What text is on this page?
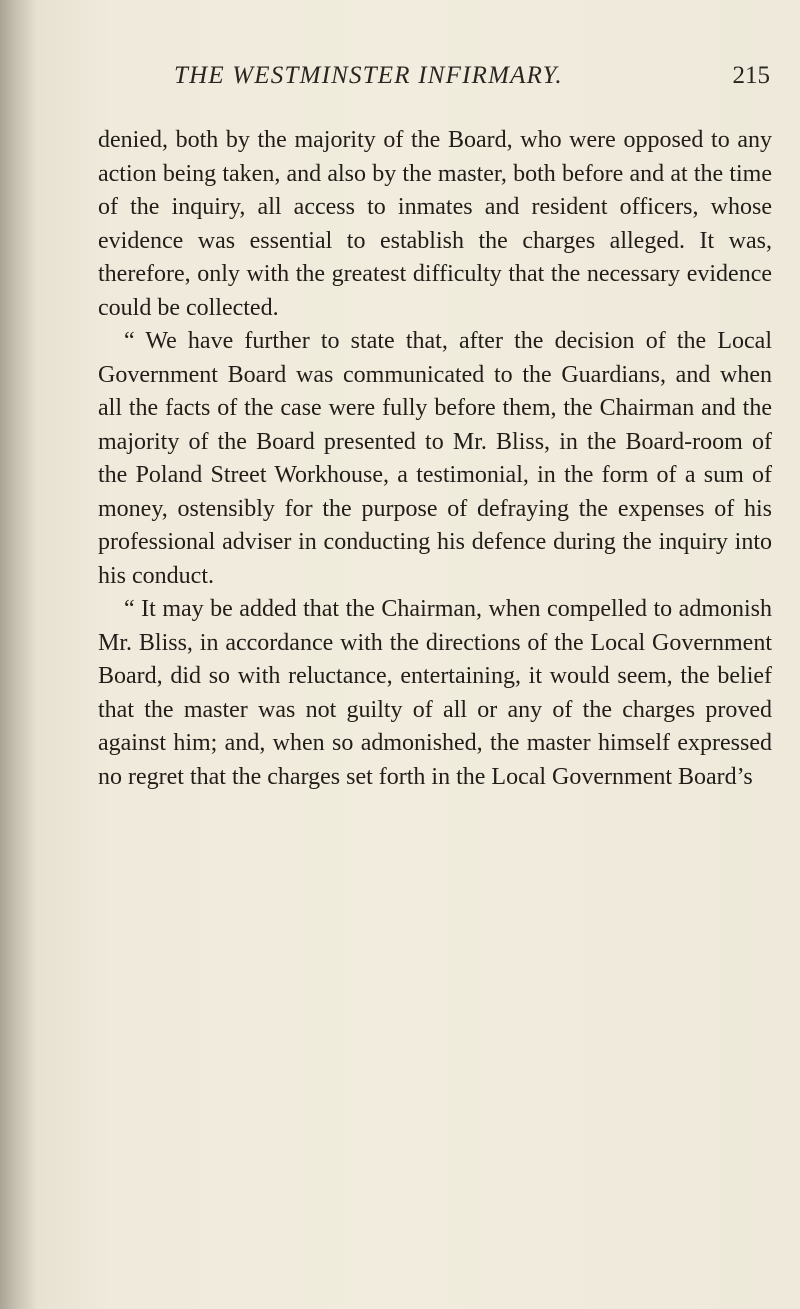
THE WESTMINSTER INFIRMARY.	215

denied, both by the majority of the Board, who were opposed to any action being taken, and also by the master, both before and at the time of the inquiry, all access to inmates and resident officers, whose evidence was essential to establish the charges alleged. It was, therefore, only with the greatest difficulty that the necessary evidence could be collected.

“ We have further to state that, after the decision of the Local Government Board was communicated to the Guardians, and when all the facts of the case were fully before them, the Chairman and the majority of the Board presented to Mr. Bliss, in the Board-room of the Poland Street Workhouse, a testimonial, in the form of a sum of money, ostensibly for the purpose of defraying the expenses of his professional adviser in conducting his defence during the inquiry into his conduct.

“ It may be added that the Chairman, when compelled to admonish Mr. Bliss, in accordance with the directions of the Local Government Board, did so with reluctance, entertaining, it would seem, the belief that the master was not guilty of all or any of the charges proved against him; and, when so admonished, the master himself expressed no regret that the charges set forth in the Local Government Board’s
